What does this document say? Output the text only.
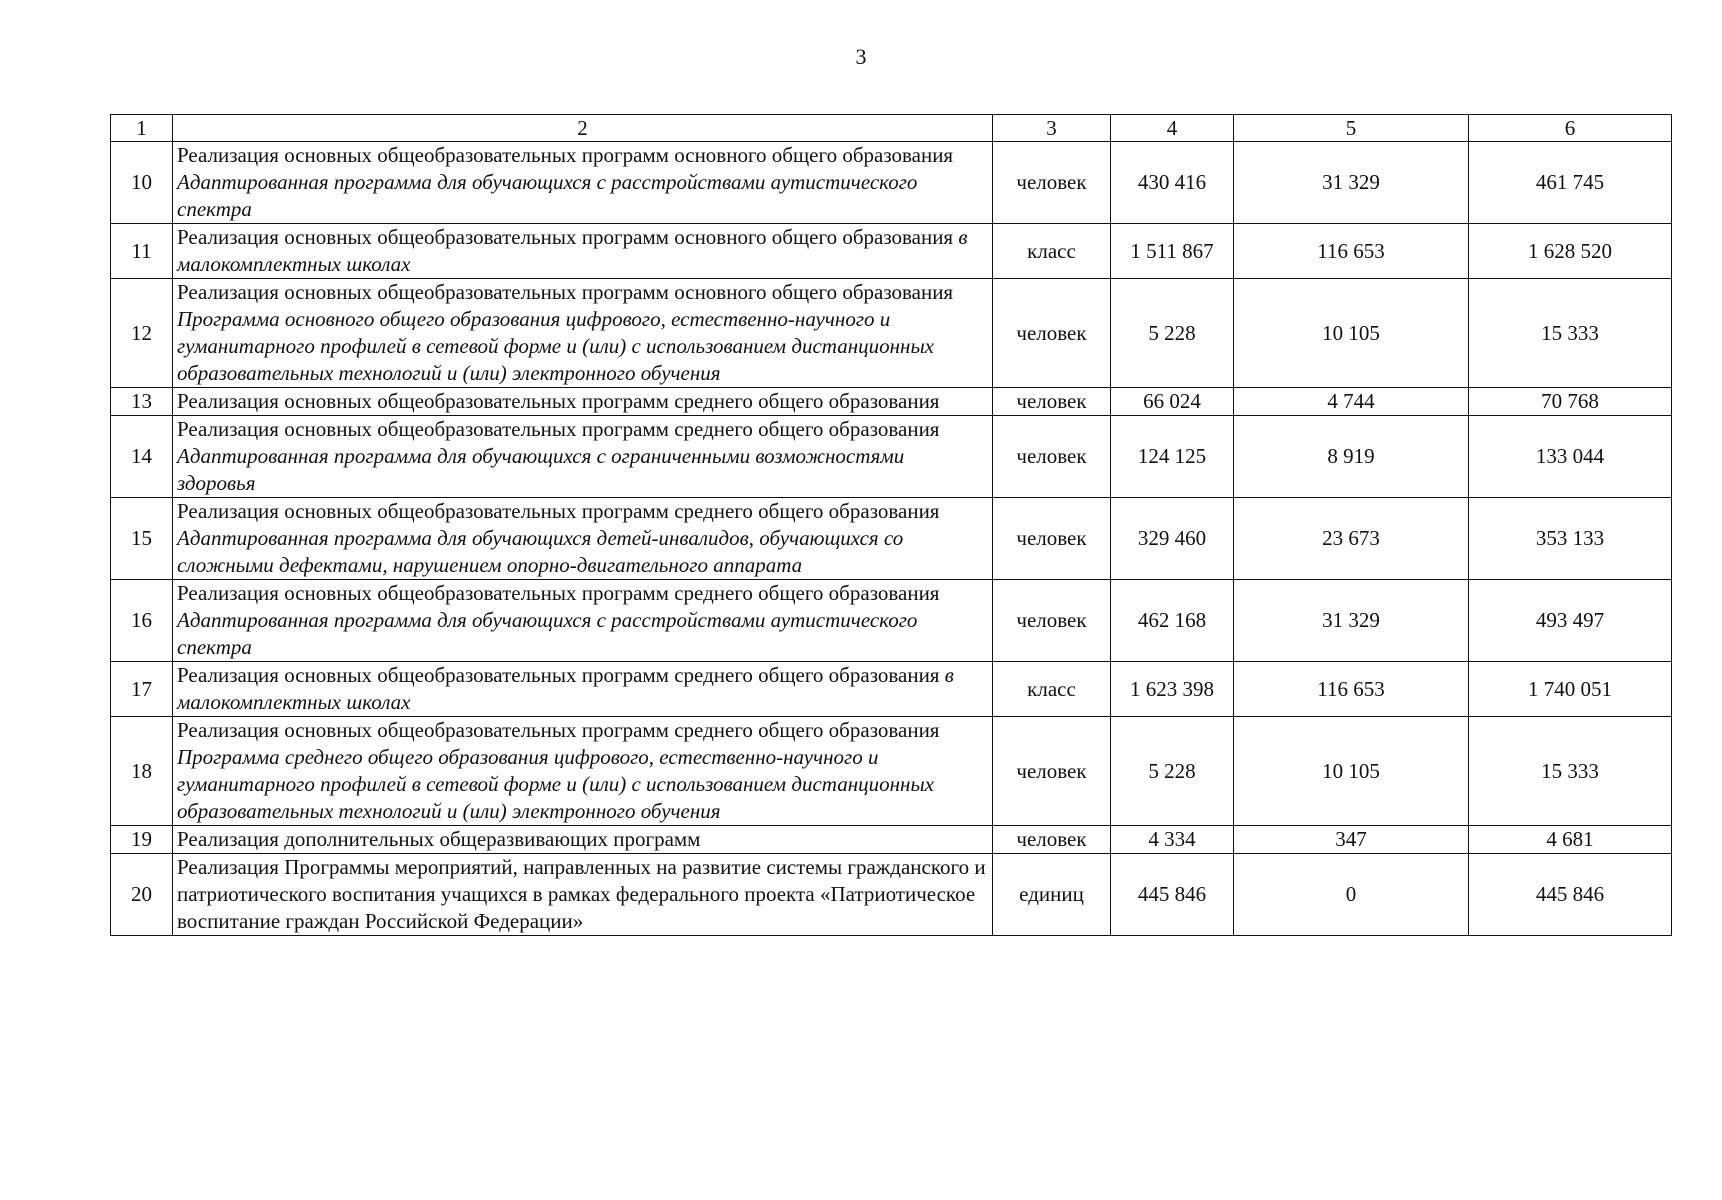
3
1	2	3	4	5	6
10	Реализация основных общеобразовательных программ основного общего образования Адаптированная программа для обучающихся с расстройствами аутистического спектра	человек	430 416	31 329	461 745
11	Реализация основных общеобразовательных программ основного общего образования в малокомплектных школах	класс	1 511 867	116 653	1 628 520
12	Реализация основных общеобразовательных программ основного общего образования Программа основного общего образования цифрового, естественно-научного и гуманитарного профилей в сетевой форме и (или) с использованием дистанционных образовательных технологий и (или) электронного обучения	человек	5 228	10 105	15 333
13	Реализация основных общеобразовательных программ среднего общего образования	человек	66 024	4 744	70 768
14	Реализация основных общеобразовательных программ среднего общего образования Адаптированная программа для обучающихся с ограниченными возможностями здоровья	человек	124 125	8 919	133 044
15	Реализация основных общеобразовательных программ среднего общего образования Адаптированная программа для обучающихся детей-инвалидов, обучающихся со сложными дефектами, нарушением опорно-двигательного аппарата	человек	329 460	23 673	353 133
16	Реализация основных общеобразовательных программ среднего общего образования Адаптированная программа для обучающихся с расстройствами аутистического спектра	человек	462 168	31 329	493 497
17	Реализация основных общеобразовательных программ среднего общего образования в малокомплектных школах	класс	1 623 398	116 653	1 740 051
18	Реализация основных общеобразовательных программ среднего общего образования Программа среднего общего образования цифрового, естественно-научного и гуманитарного профилей в сетевой форме и (или) с использованием дистанционных образовательных технологий и (или) электронного обучения	человек	5 228	10 105	15 333
19	Реализация дополнительных общеразвивающих программ	человек	4 334	347	4 681
20	Реализация Программы мероприятий, направленных на развитие системы гражданского и патриотического воспитания учащихся в рамках федерального проекта «Патриотическое воспитание граждан Российской Федерации»	единиц	445 846	0	445 846
